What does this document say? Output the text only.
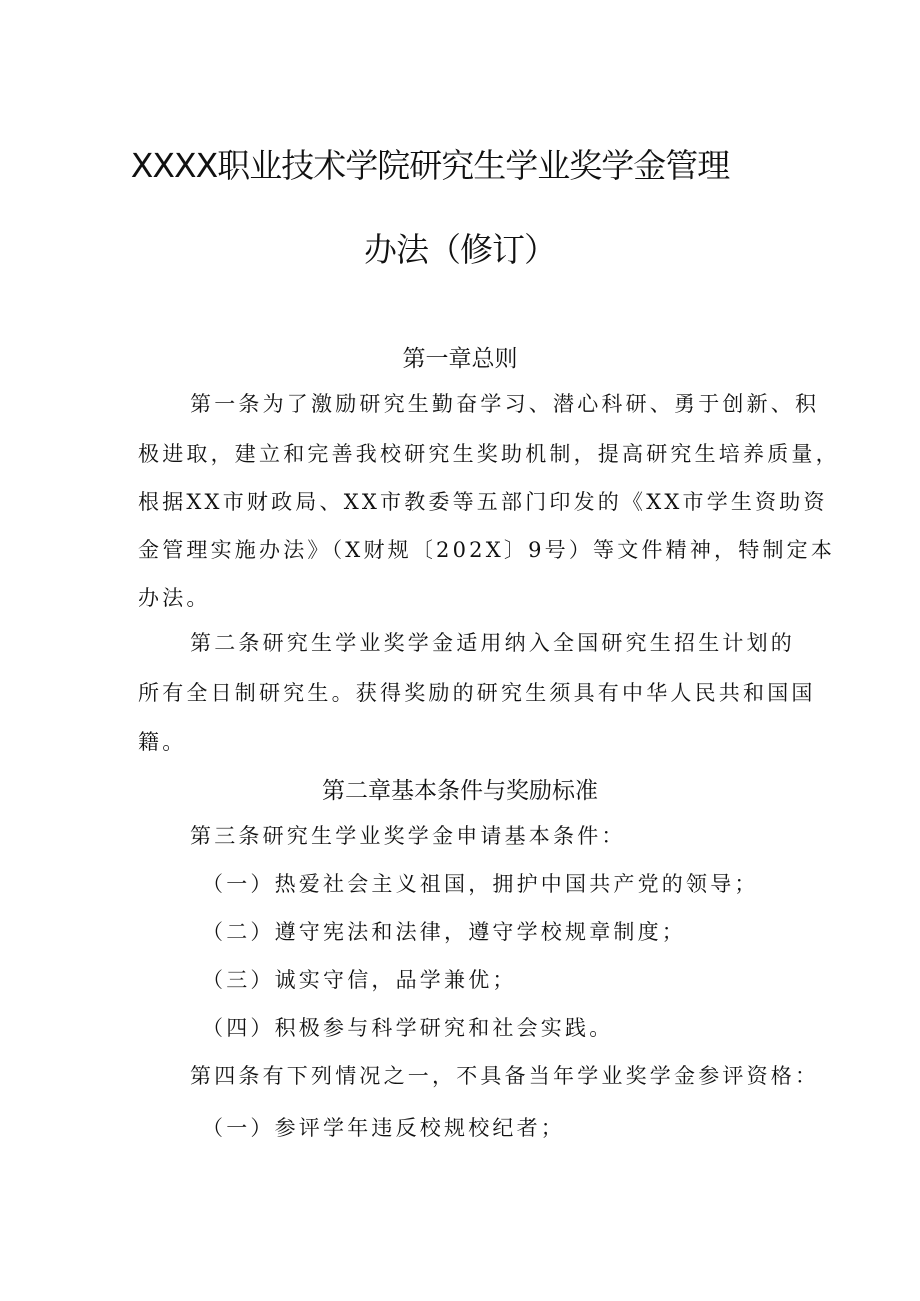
XXXX职业技术学院研究生学业奖学金管理
办法（修订）
第一章总则
第一条为了激励研究生勤奋学习、潜心科研、勇于创新、积
极进取，建立和完善我校研究生奖助机制，提高研究生培养质量，
根据XX市财政局、XX市教委等五部门印发的《XX市学生资助资
金管理实施办法》（X财规〔202X〕9号）等文件精神，特制定本
办法。
第二条研究生学业奖学金适用纳入全国研究生招生计划的
所有全日制研究生。获得奖励的研究生须具有中华人民共和国国
籍。
第二章基本条件与奖励标准
第三条研究生学业奖学金申请基本条件：
（一）热爱社会主义祖国，拥护中国共产党的领导；
（二）遵守宪法和法律，遵守学校规章制度；
（三）诚实守信，品学兼优；
（四）积极参与科学研究和社会实践。
第四条有下列情况之一，不具备当年学业奖学金参评资格：
（一）参评学年违反校规校纪者；
